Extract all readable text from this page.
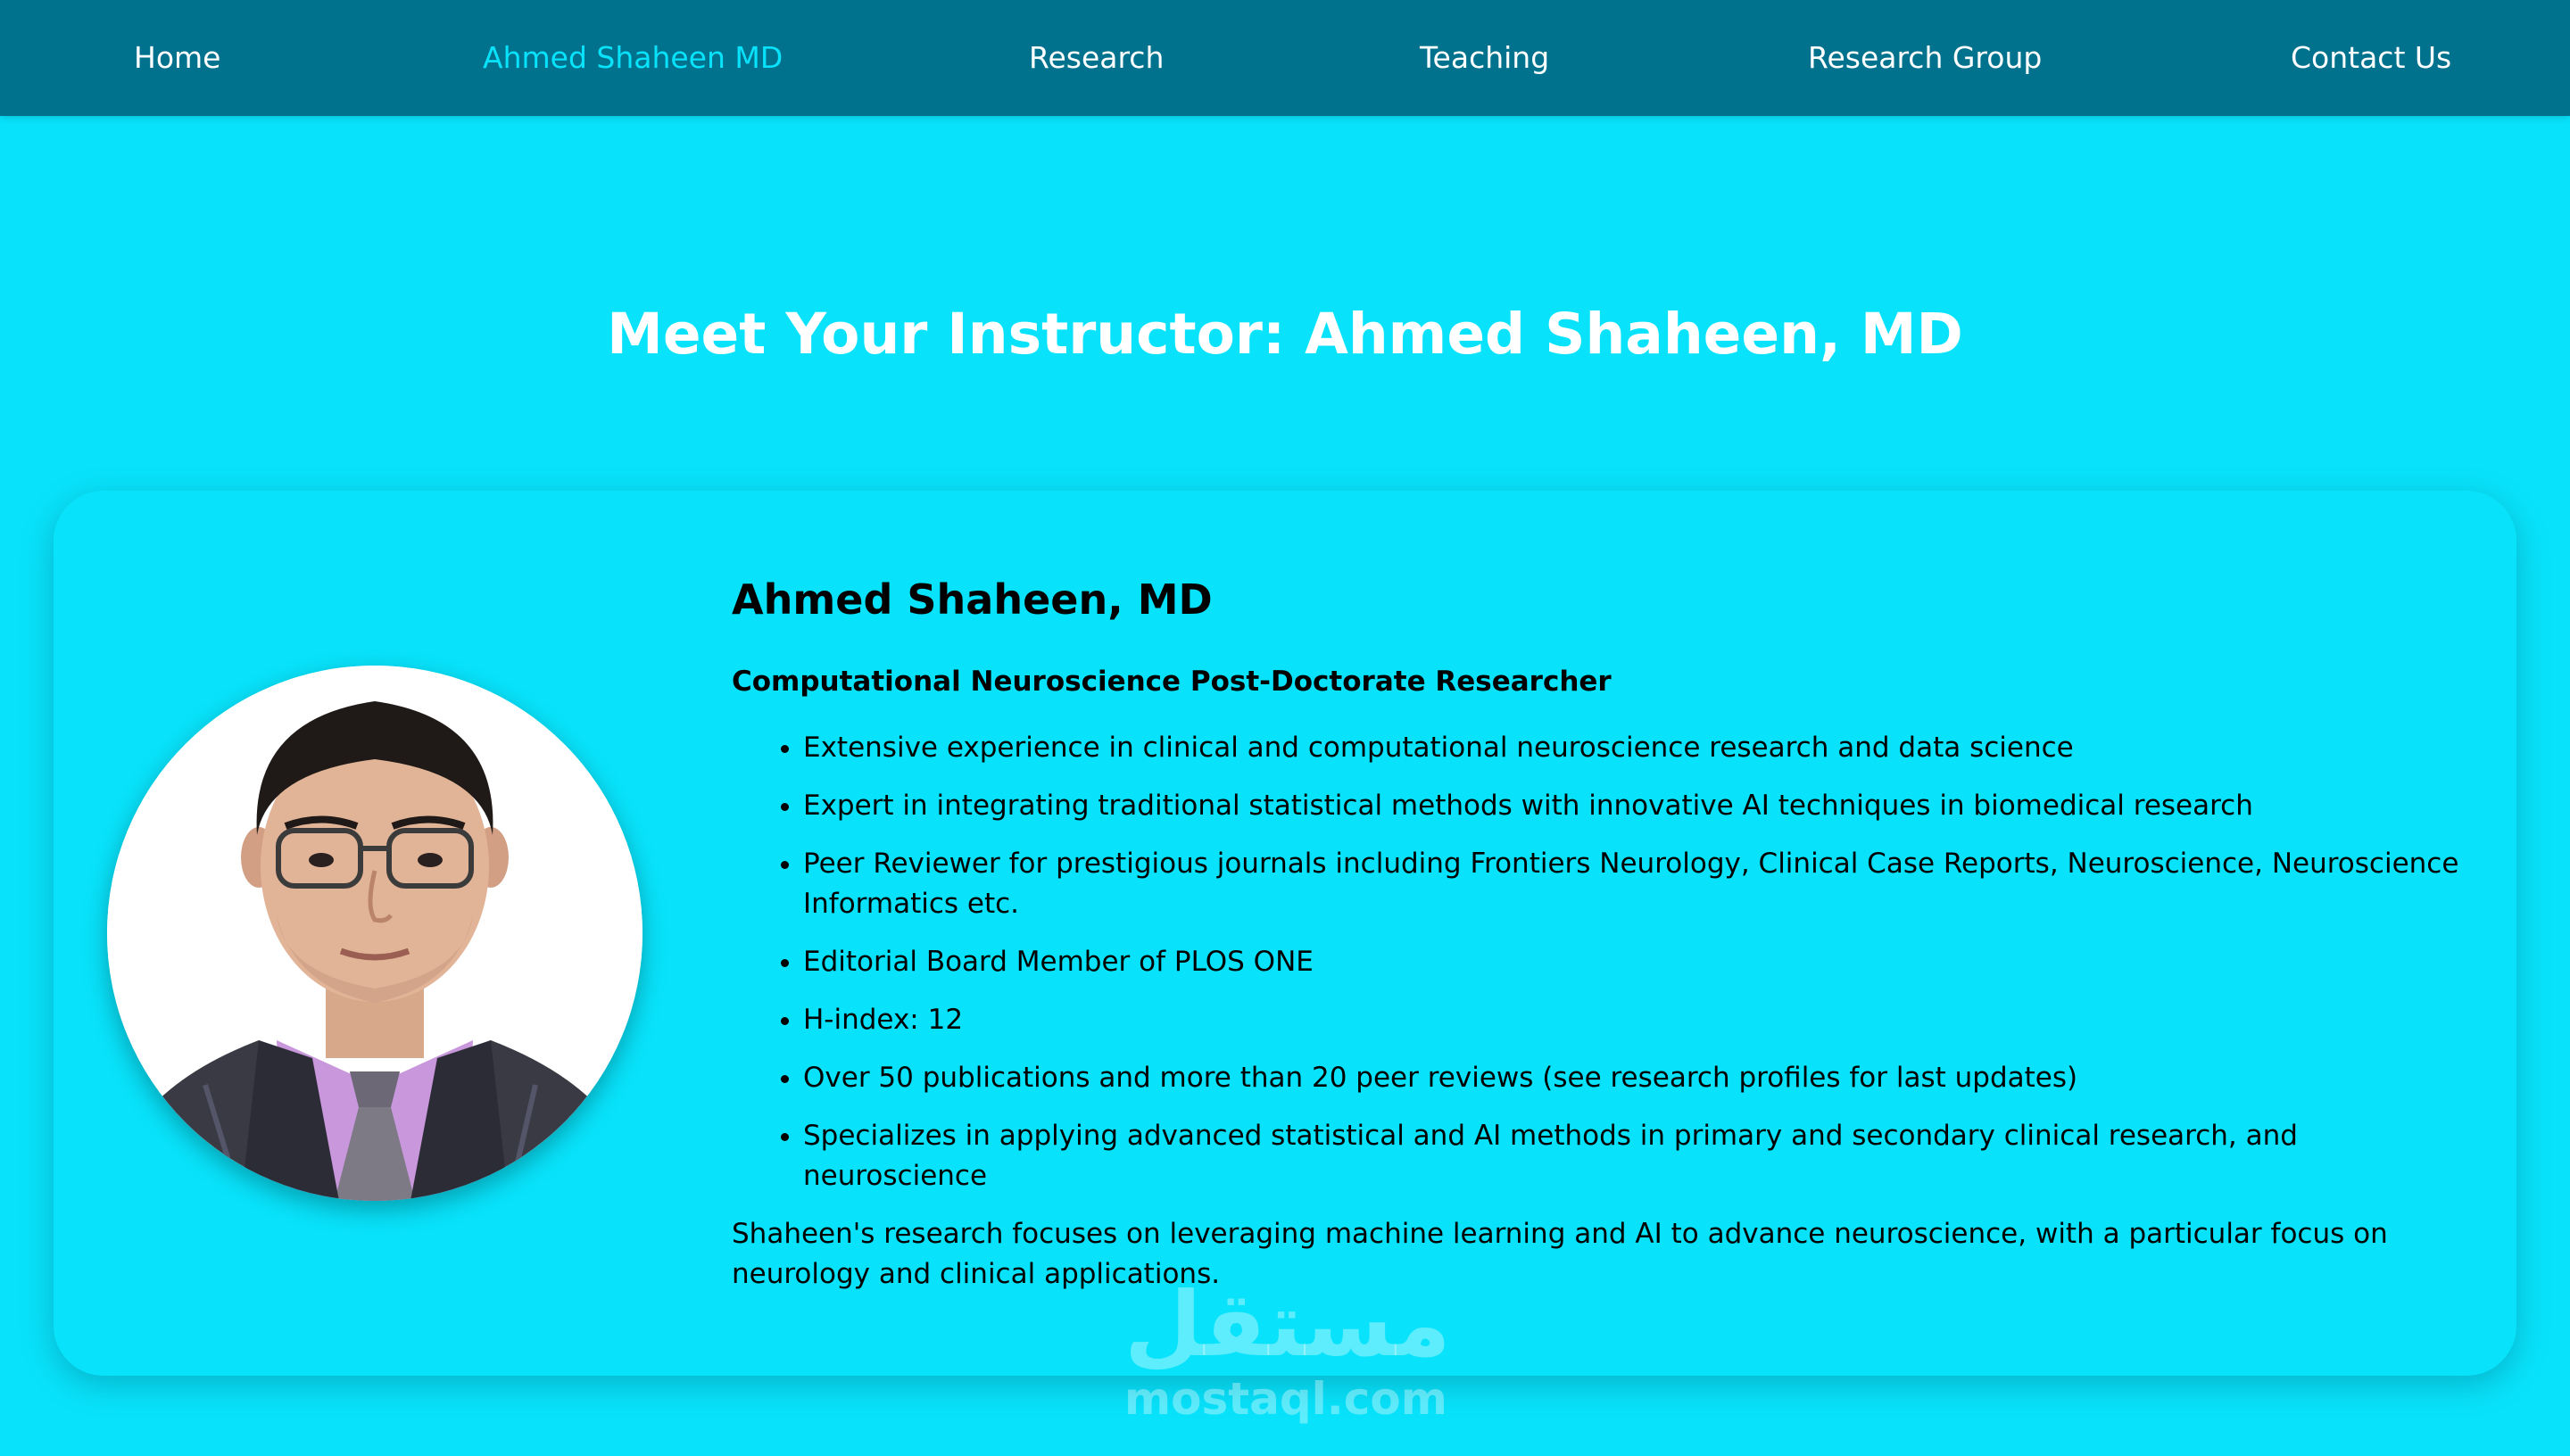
Home	Ahmed Shaheen MD	Research	Teaching	Research Group	Contact Us
Meet Your Instructor: Ahmed Shaheen, MD
Ahmed Shaheen, MD

Computational Neuroscience Post-Doctorate Researcher

• Extensive experience in clinical and computational neuroscience research and data science
• Expert in integrating traditional statistical methods with innovative AI techniques in biomedical research
• Peer Reviewer for prestigious journals including Frontiers Neurology, Clinical Case Reports, Neuroscience, Neuroscience Informatics etc.
• Editorial Board Member of PLOS ONE
• H-index: 12
• Over 50 publications and more than 20 peer reviews (see research profiles for last updates)
• Specializes in applying advanced statistical and AI methods in primary and secondary clinical research, and neuroscience

Shaheen's research focuses on leveraging machine learning and AI to advance neuroscience, with a particular focus on neurology and clinical applications.

مستقل
mostaql.com
